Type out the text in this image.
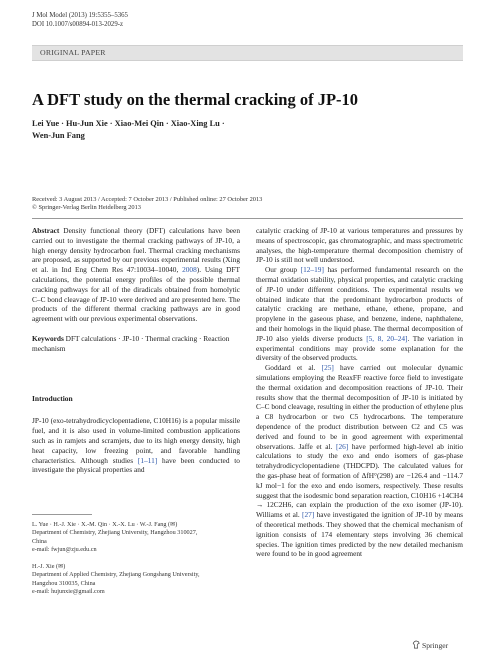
J Mol Model (2013) 19:5355–5365
DOI 10.1007/s00894-013-2029-z
ORIGINAL PAPER
A DFT study on the thermal cracking of JP-10
Lei Yue · Hu-Jun Xie · Xiao-Mei Qin · Xiao-Xing Lu ·
Wen-Jun Fang
Received: 3 August 2013 / Accepted: 7 October 2013 / Published online: 27 October 2013
© Springer-Verlag Berlin Heidelberg 2013

Abstract Density functional theory (DFT) calculations have been carried out to investigate the thermal cracking pathways of JP-10, a high energy density hydrocarbon fuel. Thermal cracking mechanisms are proposed, as supported by our previous experimental results (Xing et al. in Ind Eng Chem Res 47:10034–10040, 2008). Using DFT calculations, the potential energy profiles of the possible thermal cracking pathways for all of the diradicals obtained from homolytic C–C bond cleavage of JP-10 were derived and are presented here. The products of the different thermal cracking pathways are in good agreement with our previous experimental observations.

Keywords DFT calculations · JP-10 · Thermal cracking · Reaction mechanism

Introduction

JP-10 (exo-tetrahydrodicyclopentadiene, C10H16) is a popular missile fuel, and it is also used in volume-limited combustion applications such as in ramjets and scramjets, due to its high energy density, high heat capacity, low freezing point, and favorable handling characteristics. Although studies [1–11] have been conducted to investigate the physical properties and

L. Yue · H.-J. Xie · X.-M. Qin · X.-X. Lu · W.-J. Fang (✉)
Department of Chemistry, Zhejiang University, Hangzhou 310027,
China
e-mail: fwjun@zju.edu.cn
H.-J. Xie (✉)
Department of Applied Chemistry, Zhejiang Gongshang University,
Hangzhou 310035, China
e-mail: hujunxie@gmail.com

catalytic cracking of JP-10 at various temperatures and pressures by means of spectroscopic, gas chromatographic, and mass spectrometric analyses, the high-temperature thermal decomposition chemistry of JP-10 is still not well understood.

Our group [12–19] has performed fundamental research on the thermal oxidation stability, physical properties, and catalytic cracking of JP-10 under different conditions. The experimental results we obtained indicate that the predominant hydrocarbon products of catalytic cracking are methane, ethane, ethene, propane, and propylene in the gaseous phase, and benzene, indene, naphthalene, and their homologs in the liquid phase. The thermal decomposition of JP-10 also yields diverse products [5, 8, 20–24]. The variation in experimental conditions may provide some explanation for the diversity of the observed products.

Goddard et al. [25] have carried out molecular dynamic simulations employing the ReaxFF reactive force field to investigate the thermal oxidation and decomposition reactions of JP-10. Their results show that the thermal decomposition of JP-10 is initiated by C–C bond cleavage, resulting in either the production of ethylene plus a C8 hydrocarbon or two C5 hydrocarbons. The temperature dependence of the product distribution between C2 and C5 was derived and found to be in good agreement with experimental observations. Jaffe et al. [26] have performed high-level ab initio calculations to study the exo and endo isomers of gas-phase tetrahydrodicyclopentadiene (THDCPD). The calculated values for the gas-phase heat of formation of ΔfH°(298) are −126.4 and −114.7 kJ mol−1 for the exo and endo isomers, respectively. These results suggest that the isodesmic bond separation reaction, C10H16 +14CH4 → 12C2H6, can explain the production of the exo isomer (JP-10). Williams et al. [27] have investigated the ignition of JP-10 by means of theoretical methods. They showed that the chemical mechanism of ignition consists of 174 elementary steps involving 36 chemical species. The ignition times predicted by the new detailed mechanism were found to be in good agreement

Springer
